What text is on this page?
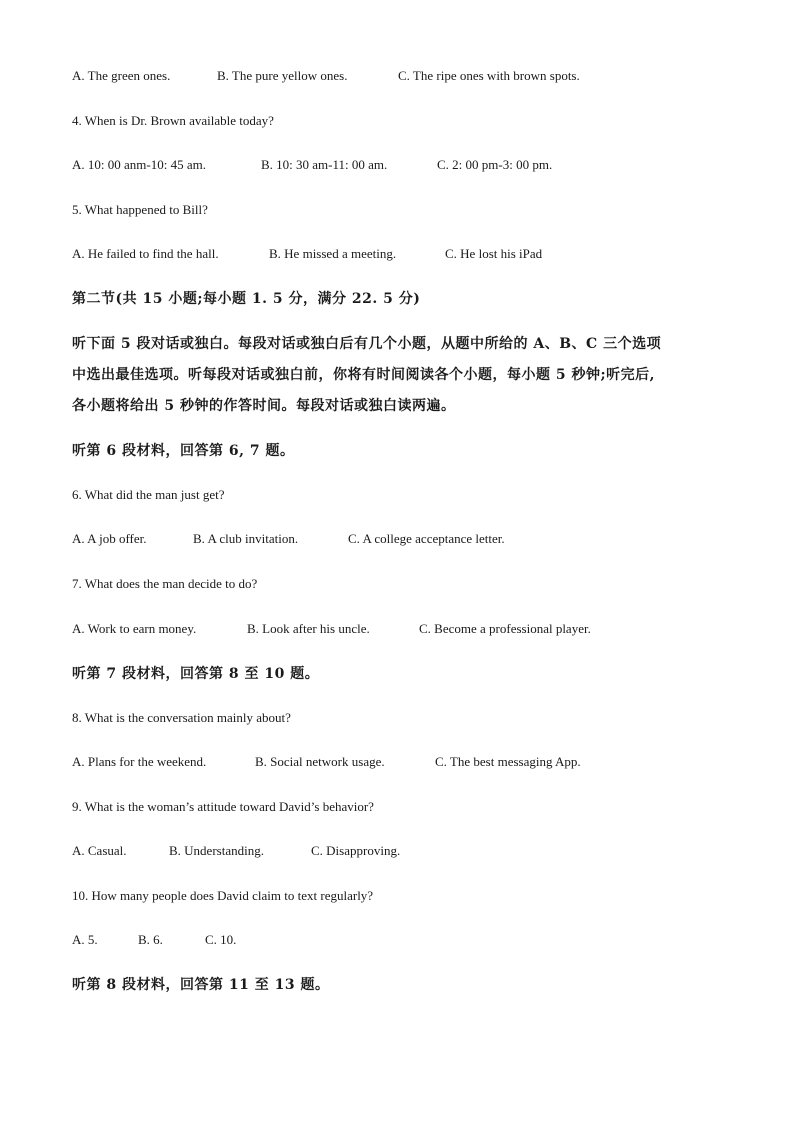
A. The green ones.	B. The pure yellow ones.	C. The ripe ones with brown spots.
4. When is Dr. Brown available today?
A. 10: 00 anm-10: 45 am.	B. 10: 30 am-11: 00 am.	C. 2: 00 pm-3: 00 pm.
5. What happened to Bill?
A. He failed to find the hall.	B. He missed a meeting.	C. He lost his iPad
第二节(共 15 小题;每小题 1. 5 分，满分 22. 5 分)
听下面 5 段对话或独白。每段对话或独白后有几个小题，从题中所给的 A、B、C 三个选项
中选出最佳选项。听每段对话或独白前，你将有时间阅读各个小题，每小题 5 秒钟;听完后,
各小题将给出 5 秒钟的作答时间。每段对话或独白读两遍。
听第 6 段材料，回答第 6, 7 题。
6. What did the man just get?
A. A job offer.	B. A club invitation.	C. A college acceptance letter.
7. What does the man decide to do?
A. Work to earn money.	B. Look after his uncle.	C. Become a professional player.
听第 7 段材料，回答第 8 至 10 题。
8. What is the conversation mainly about?
A. Plans for the weekend.	B. Social network usage.	C. The best messaging App.
9. What is the woman’s attitude toward David’s behavior?
A. Casual.	B. Understanding.	C. Disapproving.
10. How many people does David claim to text regularly?
A. 5.	B. 6.	C. 10.
听第 8 段材料，回答第 11 至 13 题。
